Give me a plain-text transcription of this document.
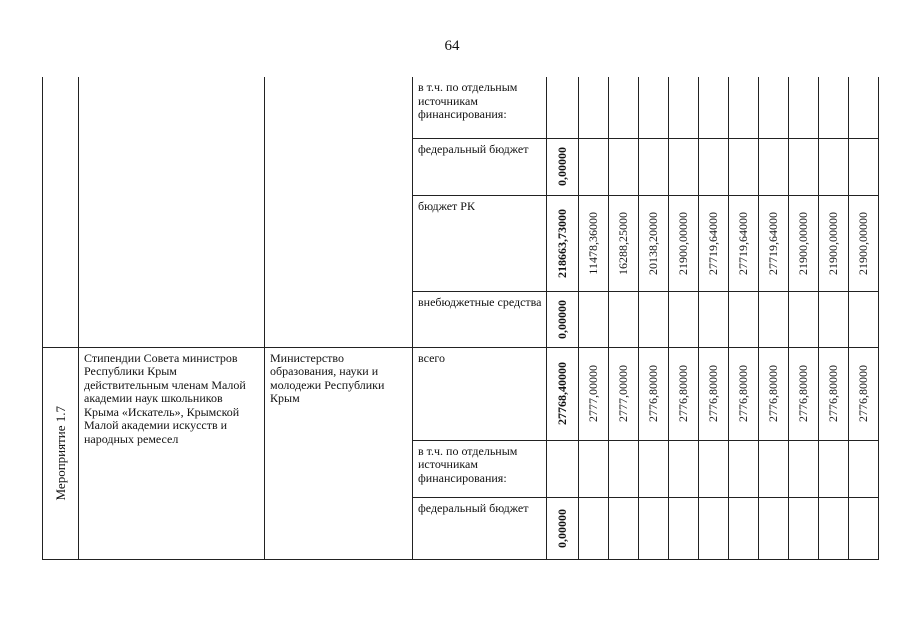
64

			в т.ч. по отдельным источникам финансирования:											

			федеральный бюджет	0,00000										

			бюджет РК	218663,73000	11478,36000	16288,25000	20138,20000	21900,00000	27719,64000	27719,64000	27719,64000	21900,00000	21900,00000	21900,00000

			внебюджетные средства	0,00000										

Мероприятие 1.7	Стипендии Совета министров Республики Крым действительным членам Малой академии наук школьников Крыма «Искатель», Крымской Малой академии искусств и народных ремесел	Министерство образования, науки и молодежи Республики Крым	всего	27768,40000	2777,00000	2777,00000	2776,80000	2776,80000	2776,80000	2776,80000	2776,80000	2776,80000	2776,80000	2776,80000

			в т.ч. по отдельным источникам финансирования:											

			федеральный бюджет	0,00000										
